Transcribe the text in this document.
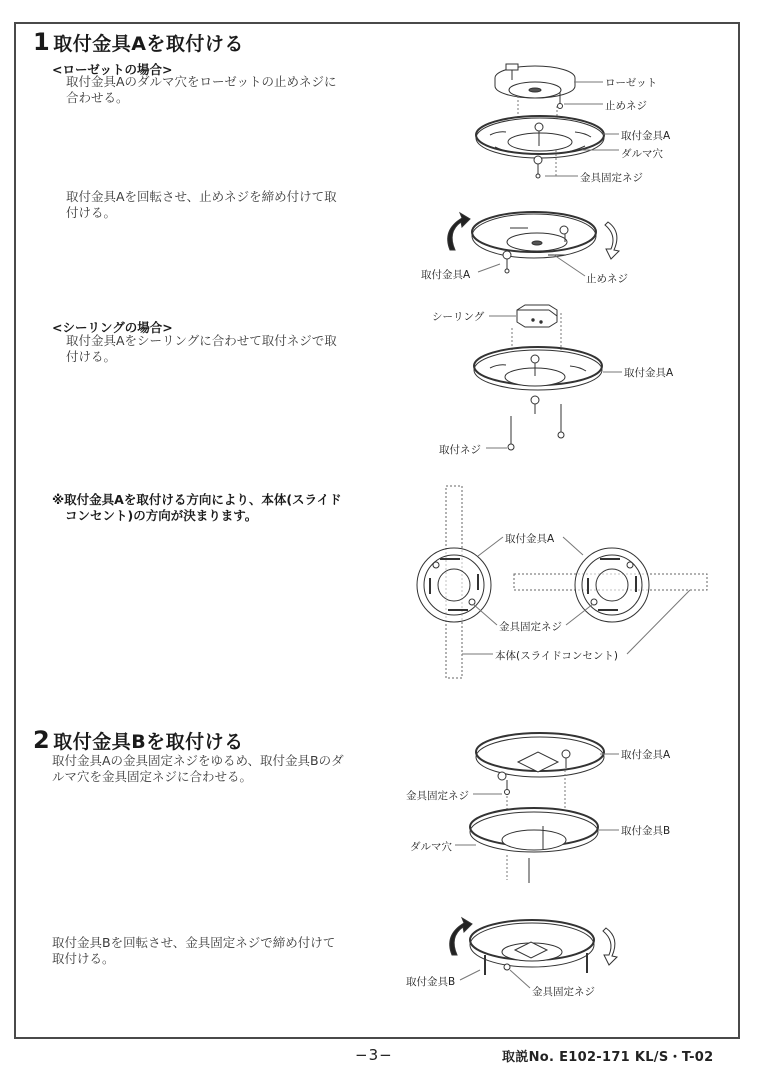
1 取付金具Aを取付ける
<ローゼットの場合>
取付金具Aのダルマ穴をローゼットの止めネジに
合わせる。
取付金具Aを回転させ、止めネジを締め付けて取
付ける。
ローゼット
止めネジ
取付金具A
ダルマ穴
金具固定ネジ
取付金具A	止めネジ
<シーリングの場合>
取付金具Aをシーリングに合わせて取付ネジで取
付ける。
シーリング
取付金具A
取付ネジ
※取付金具Aを取付ける方向により、本体(スライド
コンセント)の方向が決まります。
取付金具A
金具固定ネジ
本体(スライドコンセント)
2 取付金具Bを取付ける
取付金具Aの金具固定ネジをゆるめ、取付金具Bのダ
ルマ穴を金具固定ネジに合わせる。
取付金具Bを回転させ、金具固定ネジで締め付けて
取付ける。
取付金具A
金具固定ネジ
取付金具B
ダルマ穴
取付金具B
金具固定ネジ
−3−	取説No. E102-171 KL/S・T-02
